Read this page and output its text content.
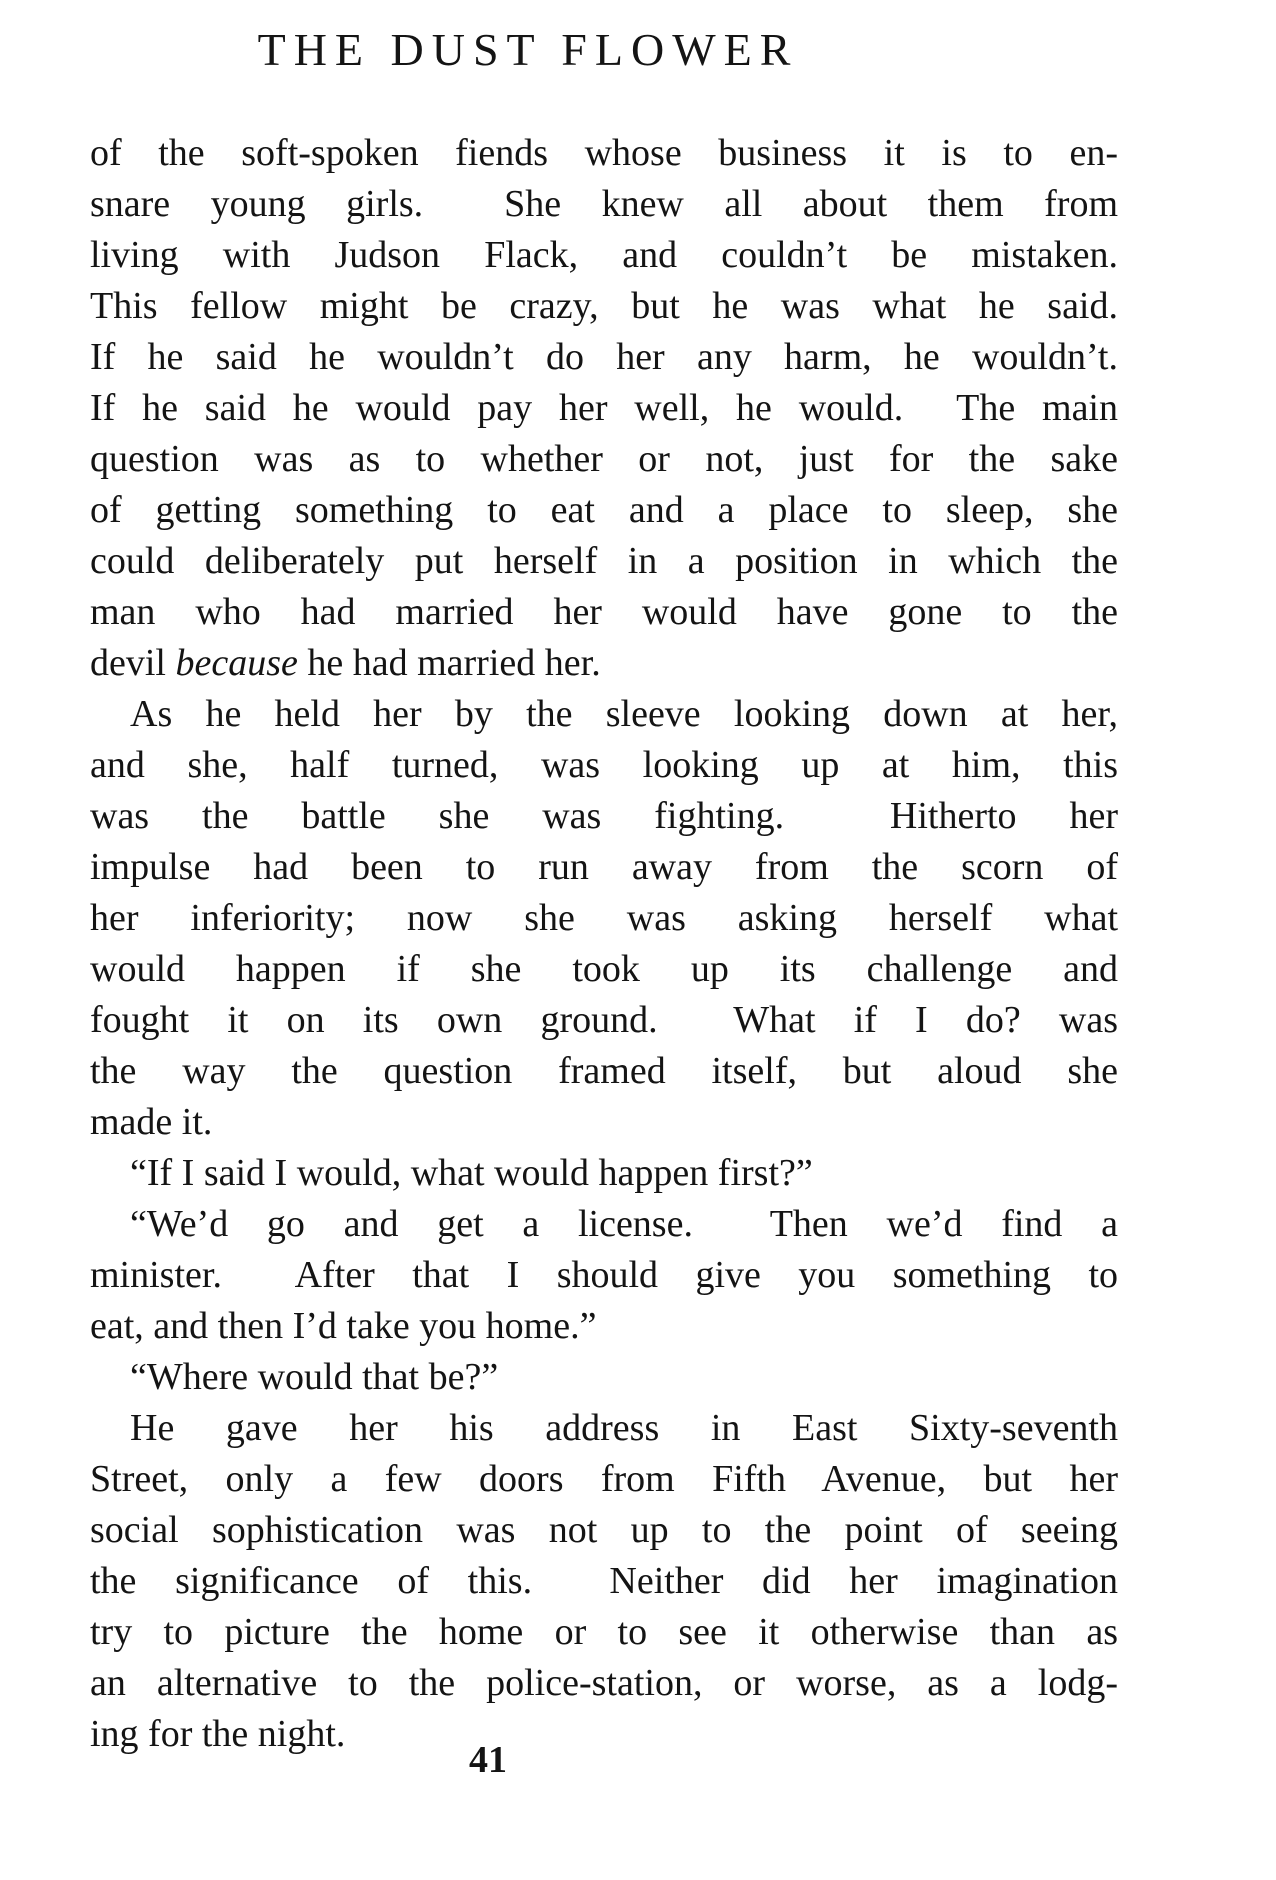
THE DUST FLOWER
of the soft-spoken fiends whose business it is to en-
snare young girls.  She knew all about them from
living with Judson Flack, and couldn’t be mistaken.
This fellow might be crazy, but he was what he said.
If he said he wouldn’t do her any harm, he wouldn’t.
If he said he would pay her well, he would.  The main
question was as to whether or not, just for the sake
of getting something to eat and a place to sleep, she
could deliberately put herself in a position in which the
man who had married her would have gone to the
devil because he had married her.
As he held her by the sleeve looking down at her,
and she, half turned, was looking up at him, this
was the battle she was fighting.  Hitherto her
impulse had been to run away from the scorn of
her inferiority; now she was asking herself what
would happen if she took up its challenge and
fought it on its own ground.  What if I do? was
the way the question framed itself, but aloud she
made it.
“If I said I would, what would happen first?”
“We’d go and get a license.  Then we’d find a
minister.  After that I should give you something to
eat, and then I’d take you home.”
“Where would that be?”
He gave her his address in East Sixty-seventh
Street, only a few doors from Fifth Avenue, but her
social sophistication was not up to the point of seeing
the significance of this.  Neither did her imagination
try to picture the home or to see it otherwise than as
an alternative to the police-station, or worse, as a lodg-
ing for the night.
41
